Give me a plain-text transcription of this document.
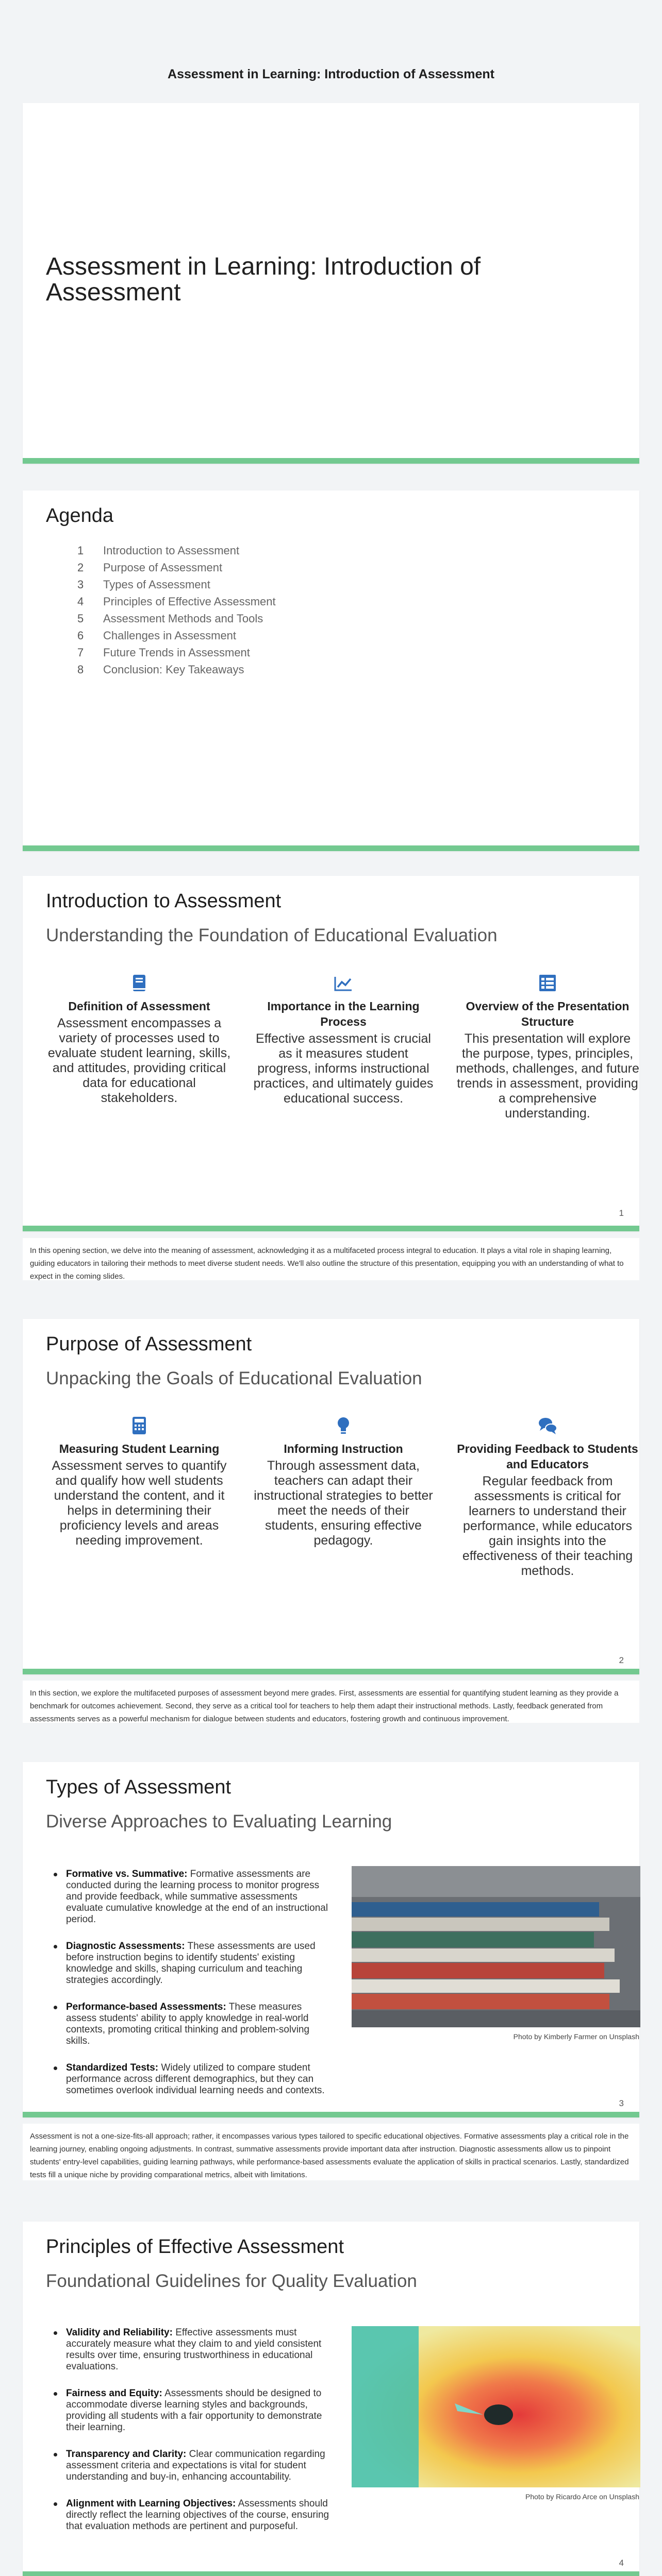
Assessment in Learning: Introduction of Assessment
Assessment in Learning: Introduction of Assessment
Agenda
1	Introduction to Assessment
2	Purpose of Assessment
3	Types of Assessment
4	Principles of Effective Assessment
5	Assessment Methods and Tools
6	Challenges in Assessment
7	Future Trends in Assessment
8	Conclusion: Key Takeaways
Introduction to Assessment
Understanding the Foundation of Educational Evaluation
1
Definition of Assessment
Assessment encompasses a variety of processes used to evaluate student learning, skills, and attitudes, providing critical data for educational stakeholders.
Importance in the Learning Process
Effective assessment is crucial as it measures student progress, informs instructional practices, and ultimately guides educational success.
Overview of the Presentation Structure
This presentation will explore the purpose, types, principles, methods, challenges, and future trends in assessment, providing a comprehensive understanding.
In this opening section, we delve into the meaning of assessment, acknowledging it as a multifaceted process integral to education. It plays a vital role in shaping learning, guiding educators in tailoring their methods to meet diverse student needs. We'll also outline the structure of this presentation, equipping you with an understanding of what to expect in the coming slides.
Purpose of Assessment
Unpacking the Goals of Educational Evaluation
2
Measuring Student Learning
Assessment serves to quantify and qualify how well students understand the content, and it helps in determining their proficiency levels and areas needing improvement.
Informing Instruction
Through assessment data, teachers can adapt their instructional strategies to better meet the needs of their students, ensuring effective pedagogy.
Providing Feedback to Students and Educators
Regular feedback from assessments is critical for learners to understand their performance, while educators gain insights into the effectiveness of their teaching methods.
In this section, we explore the multifaceted purposes of assessment beyond mere grades. First, assessments are essential for quantifying student learning as they provide a benchmark for outcomes achievement. Second, they serve as a critical tool for teachers to help them adapt their instructional methods. Lastly, feedback generated from assessments serves as a powerful mechanism for dialogue between students and educators, fostering growth and continuous improvement.
Types of Assessment
Diverse Approaches to Evaluating Learning
3
Formative vs. Summative: Formative assessments are conducted during the learning process to monitor progress and provide feedback, while summative assessments evaluate cumulative knowledge at the end of an instructional period.
Diagnostic Assessments: These assessments are used before instruction begins to identify students' existing knowledge and skills, shaping curriculum and teaching strategies accordingly.
Performance-based Assessments: These measures assess students' ability to apply knowledge in real-world contexts, promoting critical thinking and problem-solving skills.
Standardized Tests: Widely utilized to compare student performance across different demographics, but they can sometimes overlook individual learning needs and contexts.
Photo by Kimberly Farmer on Unsplash
Assessment is not a one-size-fits-all approach; rather, it encompasses various types tailored to specific educational objectives. Formative assessments play a critical role in the learning journey, enabling ongoing adjustments. In contrast, summative assessments provide important data after instruction. Diagnostic assessments allow us to pinpoint students' entry-level capabilities, guiding learning pathways, while performance-based assessments evaluate the application of skills in practical scenarios. Lastly, standardized tests fill a unique niche by providing comparational metrics, albeit with limitations.
Principles of Effective Assessment
Foundational Guidelines for Quality Evaluation
4
Validity and Reliability: Effective assessments must accurately measure what they claim to and yield consistent results over time, ensuring trustworthiness in educational evaluations.
Fairness and Equity: Assessments should be designed to accommodate diverse learning styles and backgrounds, providing all students with a fair opportunity to demonstrate their learning.
Transparency and Clarity: Clear communication regarding assessment criteria and expectations is vital for student understanding and buy-in, enhancing accountability.
Alignment with Learning Objectives: Assessments should directly reflect the learning objectives of the course, ensuring that evaluation methods are pertinent and purposeful.
Photo by Ricardo Arce on Unsplash
